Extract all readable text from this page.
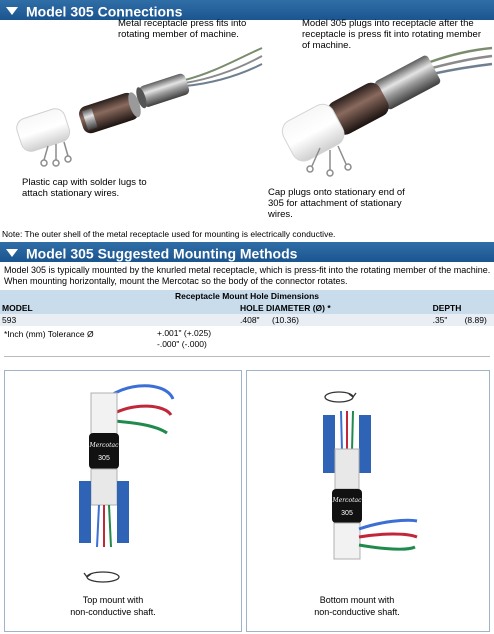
Model 305 Connections
Metal receptacle press fits into rotating member of machine.
Model 305 plugs into receptacle after the receptacle is press fit into rotating member of machine.
Plastic cap with solder lugs to attach stationary wires.	Cap plugs onto stationary end of 305 for attachment of stationary wires.
Note: The outer shell of the metal receptacle used for mounting is electrically conductive.
Model 305 Suggested Mounting Methods
Model 305 is typically mounted by the knurled metal receptacle, which is press-fit into the rotating member of the machine. When mounting horizontally, mount the Mercotac so the body of the connector rotates.
Receptacle Mount Hole Dimensions				
MODEL	HOLE DIAMETER (Ø) *		DEPTH	
593	.408"	(10.36)	.35"	(8.89)
*Inch (mm) Tolerance Ø	+.001" (+.025)
-.000" (-.000)
Mercotac
305
Top mount with
non-conductive shaft.
Mercotac
305
Bottom mount with
non-conductive shaft.
